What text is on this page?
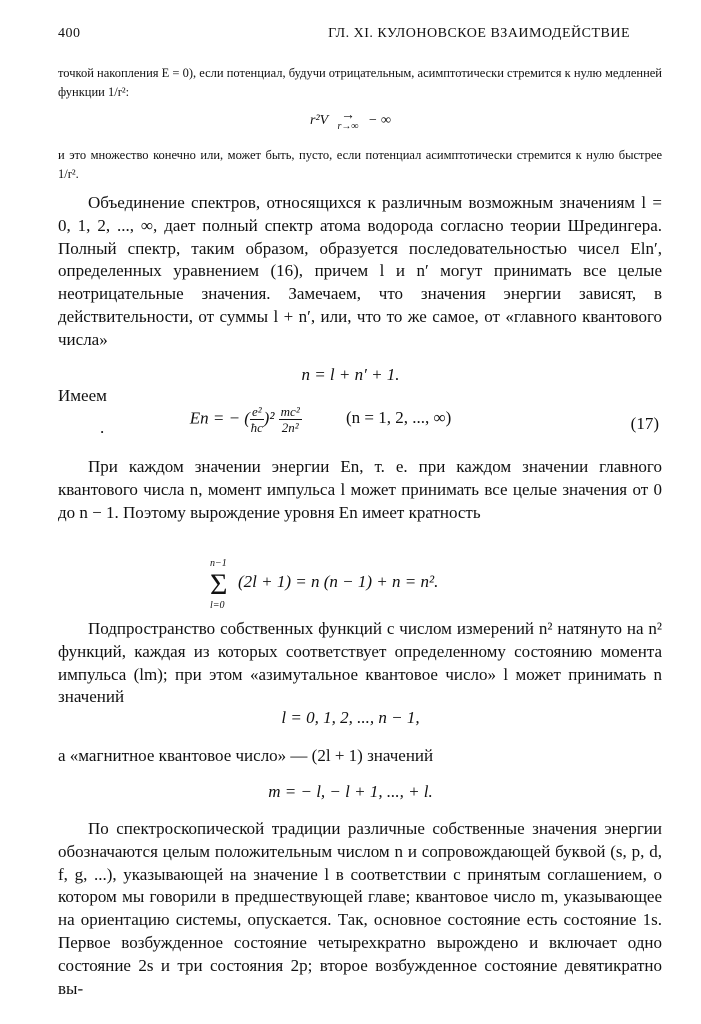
400	ГЛ. XI. КУЛОНОВСКОЕ ВЗАИМОДЕЙСТВИЕ

точкой накопления E = 0), если потенциал, будучи отрицательным, асимптотически стремится к нулю медленней функции 1/r²:

r²V →
r→∞ − ∞

и это множество конечно или, может быть, пусто, если потенциал асимптотически стремится к нулю быстрее 1/r².

Объединение спектров, относящихся к различным возможным значениям l = 0, 1, 2, ..., ∞, дает полный спектр атома водорода согласно теории Шредингера. Полный спектр, таким образом, образуется последовательностью чисел Eln′, определенных уравнением (16), причем l и n′ могут принимать все целые неотрицательные значения. Замечаем, что значения энергии зависят, в действительности, от суммы l + n′, или, что то же самое, от «главного квантового числа»

n = l + n′ + 1.
Имеем
.
En = − ( $\frac{\text{e²}}{ħc} )^2 \frac{\text{mc²}}{\text{2n²}}$	(n = 1, 2, ..., ∞)	(17)

При каждом значении энергии En, т. е. при каждом значении главного квантового числа n, момент импульса l может принимать все целые значения от 0 до n − 1. Поэтому вырождение уровня En имеет кратность

n−1
Σ
l=0
(2l + 1) = n (n − 1) + n = n².

Подпространство собственных функций с числом измерений n² натянуто на n² функций, каждая из которых соответствует определенному состоянию момента импульса (lm); при этом «азимутальное квантовое число» l может принимать n значений

l = 0, 1, 2, ..., n − 1,
а «магнитное квантовое число» — (2l + 1) значений
m = − l, − l + 1, ..., + l.

По спектроскопической традиции различные собственные значения энергии обозначаются целым положительным числом n и сопровождающей буквой (s, p, d, f, g, ...), указывающей на значение l в соответствии с принятым соглашением, о котором мы говорили в предшествующей главе; квантовое число m, указывающее на ориентацию системы, опускается. Так, основное состояние есть состояние 1s. Первое возбужденное состояние четырехкратно вырождено и включает одно состояние 2s и три состояния 2p; второе возбужденное состояние девятикратно вы-
